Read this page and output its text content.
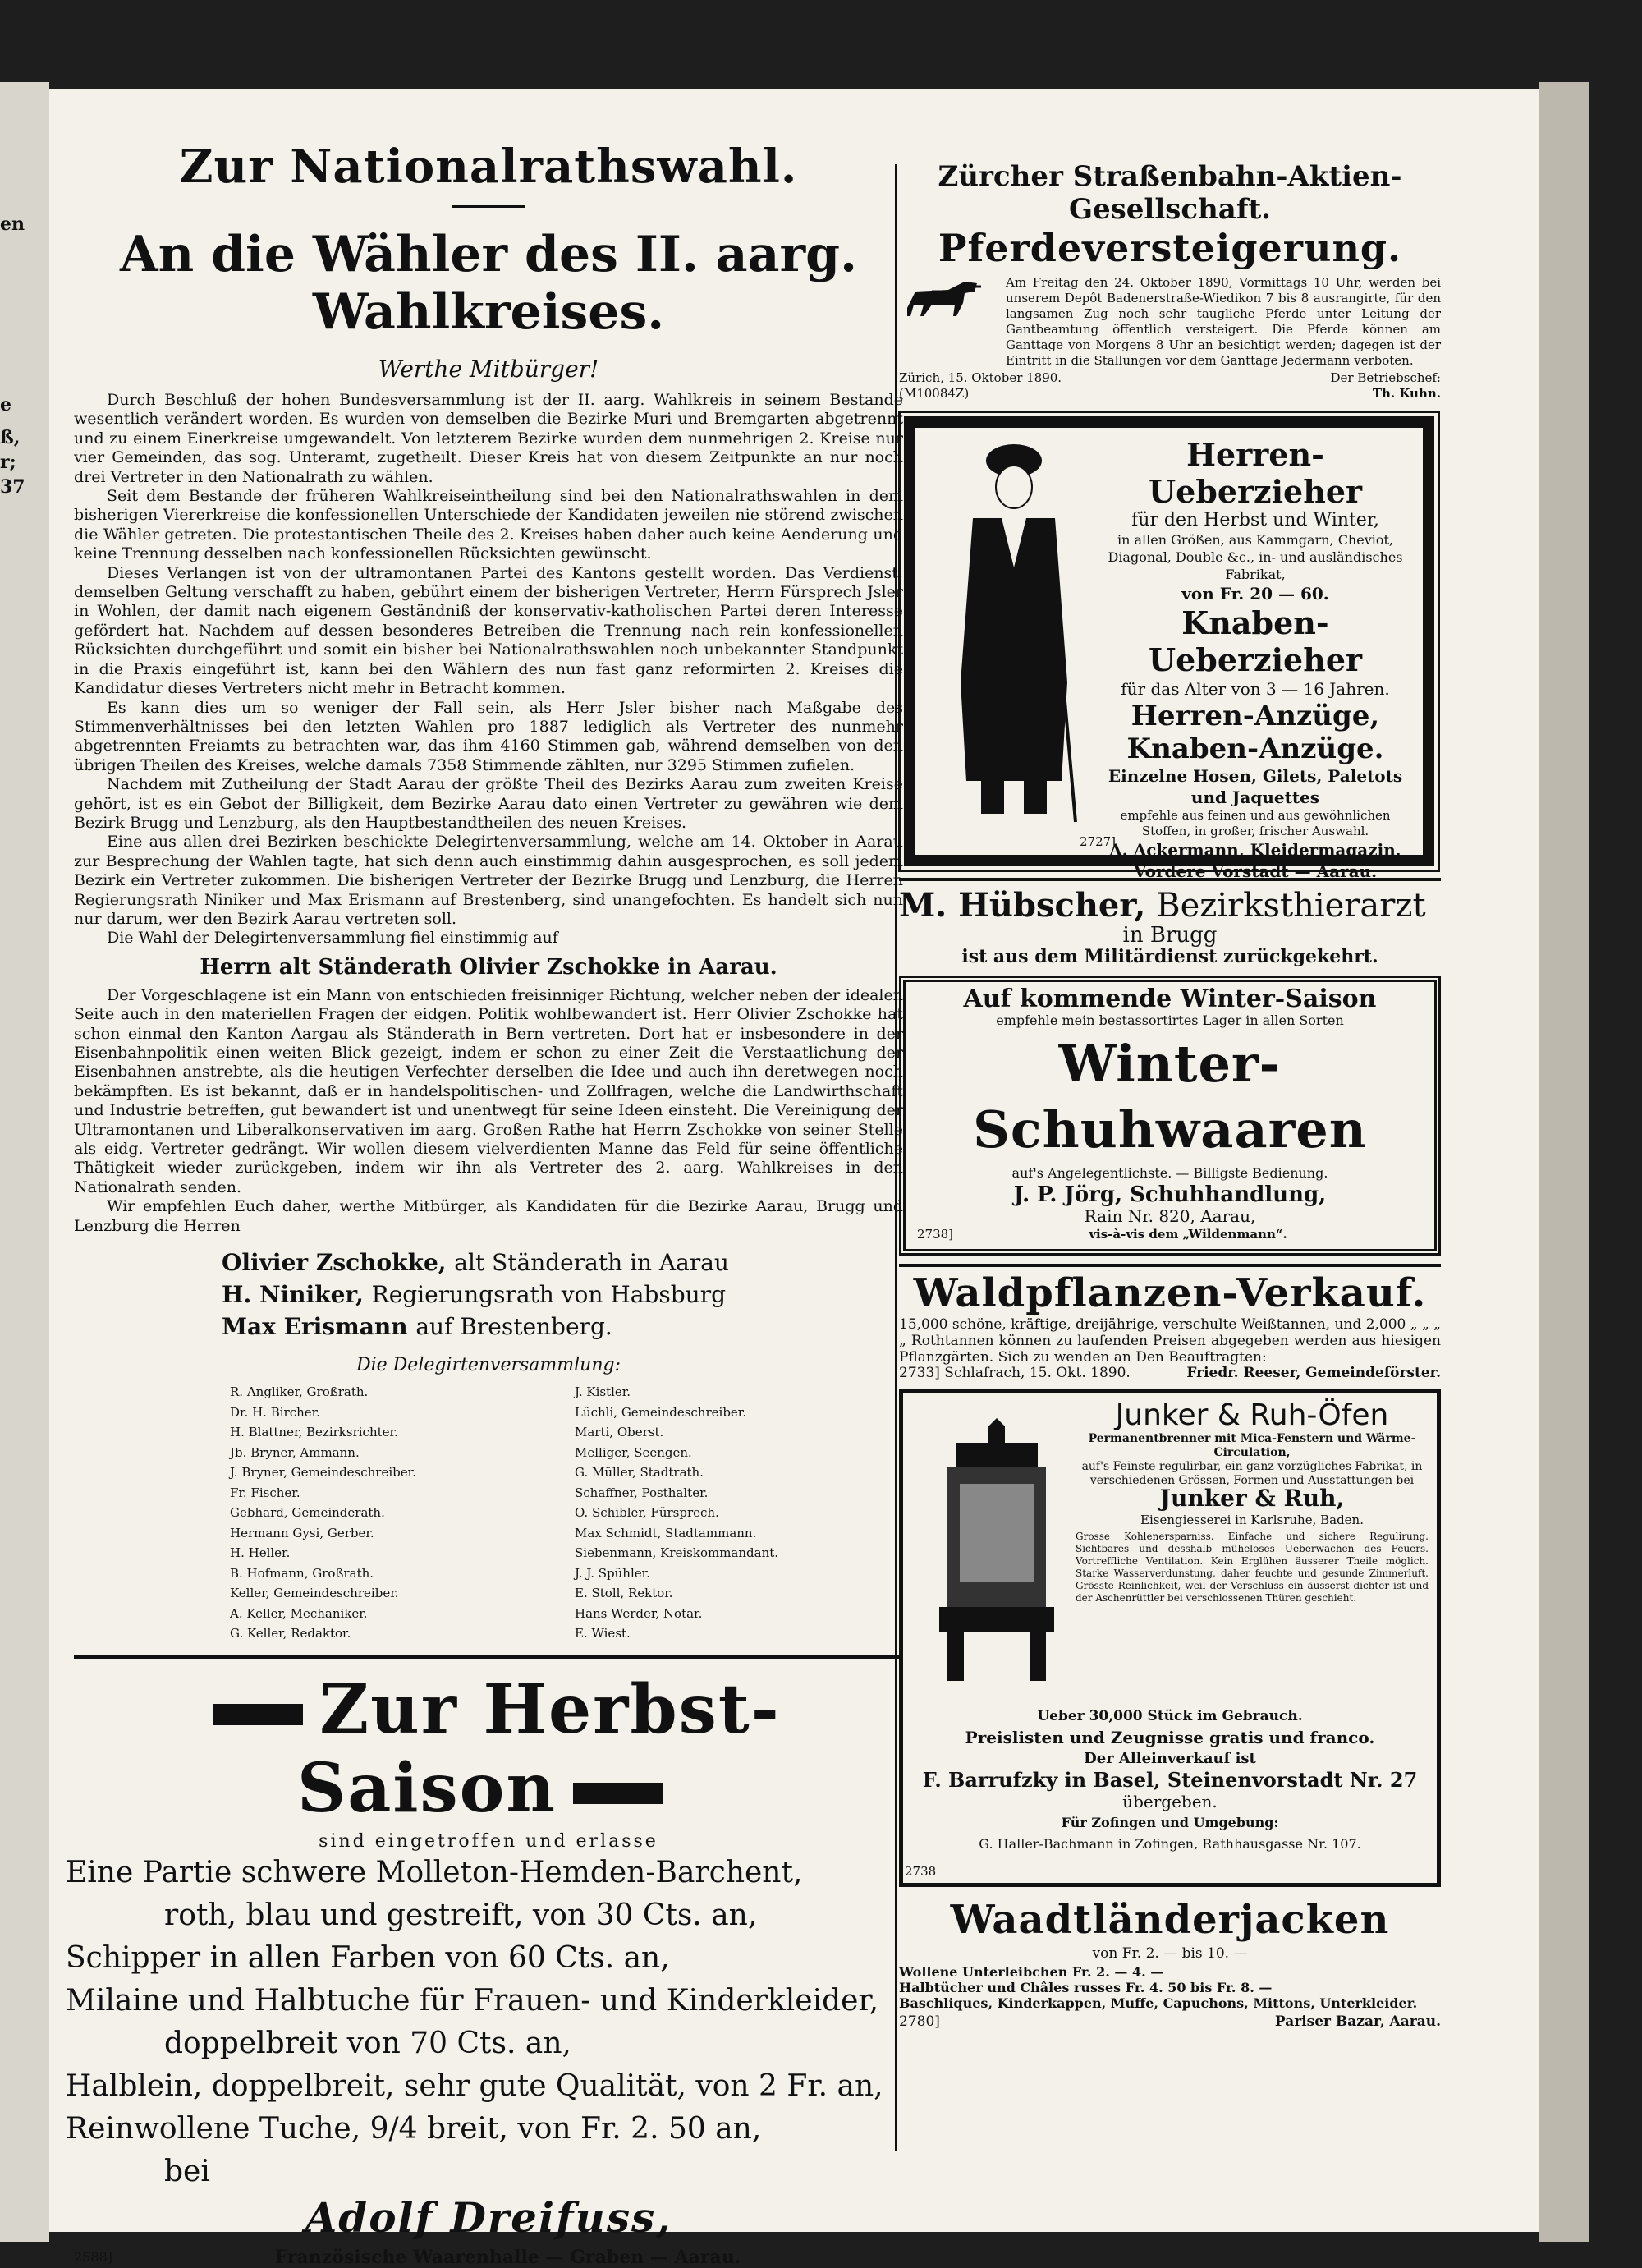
en
e
ß,
r;
37
Zur Nationalrathswahl.
An die Wähler des II. aarg. Wahlkreises.
Werthe Mitbürger!

Durch Beschluß der hohen Bundesversammlung ist der II. aarg. Wahlkreis in seinem Bestande wesentlich verändert worden. Es wurden von demselben die Bezirke Muri und Bremgarten abgetrennt und zu einem Einerkreise umgewandelt. Von letzterem Bezirke wurden dem nunmehrigen 2. Kreise nur vier Gemeinden, das sog. Unteramt, zugetheilt. Dieser Kreis hat von diesem Zeitpunkte an nur noch drei Vertreter in den Nationalrath zu wählen.

Seit dem Bestande der früheren Wahlkreiseintheilung sind bei den Nationalrathswahlen in dem bisherigen Viererkreise die konfessionellen Unterschiede der Kandidaten jeweilen nie störend zwischen die Wähler getreten. Die protestantischen Theile des 2. Kreises haben daher auch keine Aenderung und keine Trennung desselben nach konfessionellen Rücksichten gewünscht.

Dieses Verlangen ist von der ultramontanen Partei des Kantons gestellt worden. Das Verdienst, demselben Geltung verschafft zu haben, gebührt einem der bisherigen Vertreter, Herrn Fürsprech Jsler in Wohlen, der damit nach eigenem Geständniß der konservativ-katholischen Partei deren Interesse gefördert hat. Nachdem auf dessen besonderes Betreiben die Trennung nach rein konfessionellen Rücksichten durchgeführt und somit ein bisher bei Nationalrathswahlen noch unbekannter Standpunkt in die Praxis eingeführt ist, kann bei den Wählern des nun fast ganz reformirten 2. Kreises die Kandidatur dieses Vertreters nicht mehr in Betracht kommen.

Es kann dies um so weniger der Fall sein, als Herr Jsler bisher nach Maßgabe des Stimmenverhältnisses bei den letzten Wahlen pro 1887 lediglich als Vertreter des nunmehr abgetrennten Freiamts zu betrachten war, das ihm 4160 Stimmen gab, während demselben von den übrigen Theilen des Kreises, welche damals 7358 Stimmende zählten, nur 3295 Stimmen zufielen.

Nachdem mit Zutheilung der Stadt Aarau der größte Theil des Bezirks Aarau zum zweiten Kreise gehört, ist es ein Gebot der Billigkeit, dem Bezirke Aarau dato einen Vertreter zu gewähren wie dem Bezirk Brugg und Lenzburg, als den Hauptbestandtheilen des neuen Kreises.

Eine aus allen drei Bezirken beschickte Delegirtenversammlung, welche am 14. Oktober in Aarau zur Besprechung der Wahlen tagte, hat sich denn auch einstimmig dahin ausgesprochen, es soll jedem Bezirk ein Vertreter zukommen. Die bisherigen Vertreter der Bezirke Brugg und Lenzburg, die Herren Regierungsrath Niniker und Max Erismann auf Brestenberg, sind unangefochten. Es handelt sich nun nur darum, wer den Bezirk Aarau vertreten soll.

Die Wahl der Delegirtenversammlung fiel einstimmig auf

Herrn alt Ständerath Olivier Zschokke in Aarau.

Der Vorgeschlagene ist ein Mann von entschieden freisinniger Richtung, welcher neben der idealen Seite auch in den materiellen Fragen der eidgen. Politik wohlbewandert ist. Herr Olivier Zschokke hat schon einmal den Kanton Aargau als Ständerath in Bern vertreten. Dort hat er insbesondere in der Eisenbahnpolitik einen weiten Blick gezeigt, indem er schon zu einer Zeit die Verstaatlichung der Eisenbahnen anstrebte, als die heutigen Verfechter derselben die Idee und auch ihn deretwegen noch bekämpften. Es ist bekannt, daß er in handelspolitischen- und Zollfragen, welche die Landwirthschaft und Industrie betreffen, gut bewandert ist und unentwegt für seine Ideen einsteht. Die Vereinigung der Ultramontanen und Liberalkonservativen im aarg. Großen Rathe hat Herrn Zschokke von seiner Stelle als eidg. Vertreter gedrängt. Wir wollen diesem vielverdienten Manne das Feld für seine öffentliche Thätigkeit wieder zurückgeben, indem wir ihn als Vertreter des 2. aarg. Wahlkreises in den Nationalrath senden.

Wir empfehlen Euch daher, werthe Mitbürger, als Kandidaten für die Bezirke Aarau, Brugg und Lenzburg die Herren

Olivier Zschokke, alt Ständerath in Aarau
H. Niniker, Regierungsrath von Habsburg
Max Erismann auf Brestenberg.
Die Delegirtenversammlung:
R. Angliker, Großrath.
Dr. H. Bircher.
H. Blattner, Bezirksrichter.
Jb. Bryner, Ammann.
J. Bryner, Gemeindeschreiber.
Fr. Fischer.
Gebhard, Gemeinderath.
Hermann Gysi, Gerber.
H. Heller.
B. Hofmann, Großrath.
Keller, Gemeindeschreiber.
A. Keller, Mechaniker.
G. Keller, Redaktor.
J. Kistler.
Lüchli, Gemeindeschreiber.
Marti, Oberst.
Melliger, Seengen.
G. Müller, Stadtrath.
Schaffner, Posthalter.
O. Schibler, Fürsprech.
Max Schmidt, Stadtammann.
Siebenmann, Kreiskommandant.
J. J. Spühler.
E. Stoll, Rektor.
Hans Werder, Notar.
E. Wiest.
Zur Herbst-Saison
sind eingetroffen und erlasse
Eine Partie schwere Molleton-Hemden-Barchent,
roth, blau und gestreift, von 30 Cts. an,
Schipper in allen Farben von 60 Cts. an,
Milaine und Halbtuche für Frauen- und Kinderkleider,
doppelbreit von 70 Cts. an,
Halblein, doppelbreit, sehr gute Qualität, von 2 Fr. an,
Reinwollene Tuche, 9/4 breit, von Fr. 2. 50 an,
bei
Adolf Dreifuss,
2588]	Französische Waarenhalle — Graben — Aarau.
Zürcher Straßenbahn-Aktien-Gesellschaft.
Pferdeversteigerung.
Am Freitag den 24. Oktober 1890, Vormittags 10 Uhr, werden bei unserem Depôt Badenerstraße-Wiedikon 7 bis 8 ausrangirte, für den langsamen Zug noch sehr taugliche Pferde unter Leitung der Gantbeamtung öffentlich versteigert. Die Pferde können am Ganttage von Morgens 8 Uhr an besichtigt werden; dagegen ist der Eintritt in die Stallungen vor dem Ganttage Jedermann verboten.
Zürich, 15. Oktober 1890.	Der Betriebschef:
(M10084Z)	Th. Kuhn.
Herren-Ueberzieher
für den Herbst und Winter,
in allen Größen, aus Kammgarn, Cheviot, Diagonal, Double &c., in- und ausländisches Fabrikat,
von Fr. 20 — 60.
Knaben-Ueberzieher
für das Alter von 3 — 16 Jahren.
Herren-Anzüge,
Knaben-Anzüge.
Einzelne Hosen, Gilets, Paletots und Jaquettes
empfehle aus feinen und aus gewöhnlichen Stoffen, in großer, frischer Auswahl.
A. Ackermann, Kleidermagazin,
Vordere Vorstadt — Aarau.
2727]
M. Hübscher, Bezirksthierarzt
in Brugg
ist aus dem Militärdienst zurückgekehrt.
Auf kommende Winter-Saison
empfehle mein bestassortirtes Lager in allen Sorten
Winter-Schuhwaaren
auf's Angelegentlichste. — Billigste Bedienung.
J. P. Jörg, Schuhhandlung,
Rain Nr. 820, Aarau,
2738]	vis-à-vis dem „Wildenmann“.
Waldpflanzen-Verkauf.
15,000 schöne, kräftige, dreijährige, verschulte Weißtannen, und 2,000 „ „ „ „ Rothtannen können zu laufenden Preisen abgegeben werden aus hiesigen Pflanzgärten. Sich zu wenden an Den Beauftragten:
2733] Schlafrach, 15. Okt. 1890.	Friedr. Reeser, Gemeindeförster.
Junker & Ruh-Öfen
Permanentbrenner mit Mica-Fenstern und Wärme-Circulation,
auf's Feinste regulirbar, ein ganz vorzügliches Fabrikat, in verschiedenen Grössen, Formen und Ausstattungen bei
Junker & Ruh,
Eisengiesserei in Karlsruhe, Baden.
Grosse Kohlenersparniss. Einfache und sichere Regulirung. Sichtbares und desshalb müheloses Ueberwachen des Feuers. Vortreffliche Ventilation. Kein Erglühen äusserer Theile möglich. Starke Wasserverdunstung, daher feuchte und gesunde Zimmerluft. Grösste Reinlichkeit, weil der Verschluss ein äusserst dichter ist und der Aschenrüttler bei verschlossenen Thüren geschieht.
Ueber 30,000 Stück im Gebrauch.
Preislisten und Zeugnisse gratis und franco.
Der Alleinverkauf ist
F. Barrufzky in Basel, Steinenvorstadt Nr. 27
übergeben.
Für Zofingen und Umgebung:
G. Haller-Bachmann in Zofingen, Rathhausgasse Nr. 107.
2738
Waadtländerjacken
von Fr. 2. — bis 10. —
Wollene Unterleibchen Fr. 2. — 4. —
Halbtücher und Châles russes Fr. 4. 50 bis Fr. 8. —
Baschliques, Kinderkappen, Muffe, Capuchons, Mittons, Unterkleider.
2780]	Pariser Bazar, Aarau.
